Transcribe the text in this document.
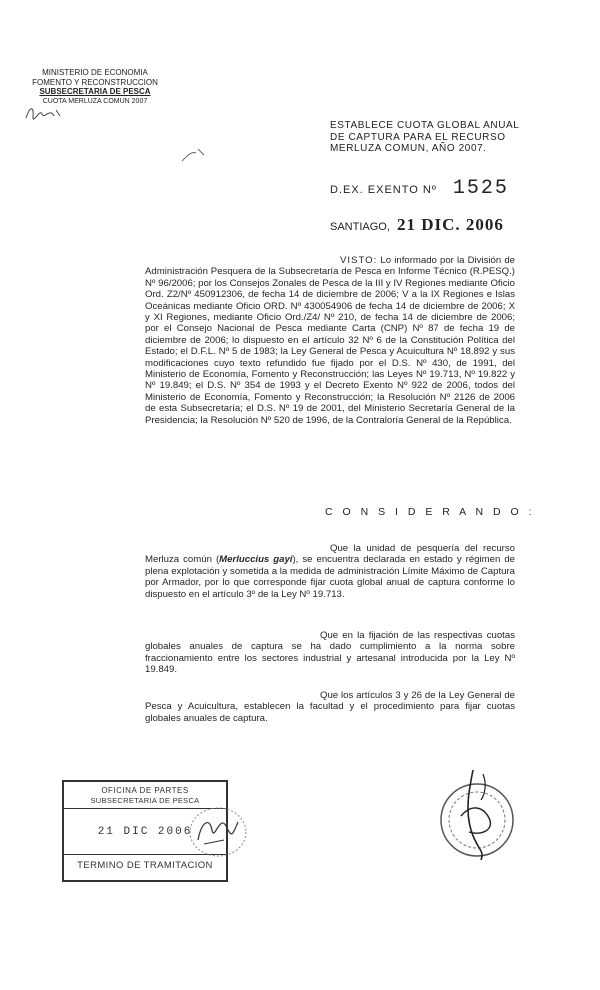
MINISTERIO DE ECONOMIA
FOMENTO Y RECONSTRUCCION
SUBSECRETARIA DE PESCA
CUOTA MERLUZA COMUN 2007
ESTABLECE CUOTA GLOBAL ANUAL DE CAPTURA PARA EL RECURSO MERLUZA COMUN, AÑO 2007.
D.EX. EXENTO Nº 1525
SANTIAGO, 21 DIC. 2006
VISTO: Lo informado por la División de Administración Pesquera de la Subsecretaría de Pesca en Informe Técnico (R.PESQ.) Nº 96/2006; por los Consejos Zonales de Pesca de la III y IV Regiones mediante Oficio Ord. Z2/Nº 450912306, de fecha 14 de diciembre de 2006; V a la IX Regiones e Islas Oceánicas mediante Oficio ORD. Nº 430054906 de fecha 14 de diciembre de 2006; X y XI Regiones, mediante Oficio Ord./Z4/ Nº 210, de fecha 14 de diciembre de 2006; por el Consejo Nacional de Pesca mediante Carta (CNP) Nº 87 de fecha 19 de diciembre de 2006; lo dispuesto en el artículo 32 Nº 6 de la Constitución Política del Estado; el D.F.L. Nº 5 de 1983; la Ley General de Pesca y Acuicultura Nº 18.892 y sus modificaciones cuyo texto refundido fue fijado por el D.S. Nº 430, de 1991, del Ministerio de Economía, Fomento y Reconstrucción; las Leyes Nº 19.713, Nº 19.822 y Nº 19.849; el D.S. Nº 354 de 1993 y el Decreto Exento Nº 922 de 2006, todos del Ministerio de Economía, Fomento y Reconstrucción; la Resolución Nº 2126 de 2006 de esta Subsecretaría; el D.S. Nº 19 de 2001, del Ministerio Secretaría General de la Presidencia; la Resolución Nº 520 de 1996, de la Contraloría General de la República.
C O N S I D E R A N D O :
Que la unidad de pesquería del recurso Merluza común (Merluccius gayi), se encuentra declarada en estado y régimen de plena explotación y sometida a la medida de administración Límite Máximo de Captura por Armador, por lo que corresponde fijar cuota global anual de captura conforme lo dispuesto en el artículo 3º de la Ley Nº 19.713.
Que en la fijación de las respectivas cuotas globales anuales de captura se ha dado cumplimiento a la norma sobre fraccionamiento entre los sectores industrial y artesanal introducida por la Ley Nº 19.849.
Que los artículos 3 y 26 de la Ley General de Pesca y Acuicultura, establecen la facultad y el procedimiento para fijar cuotas globales anuales de captura.
OFICINA DE PARTES
SUBSECRETARIA DE PESCA
21 DIC 2006
TERMINO DE TRAMITACION
